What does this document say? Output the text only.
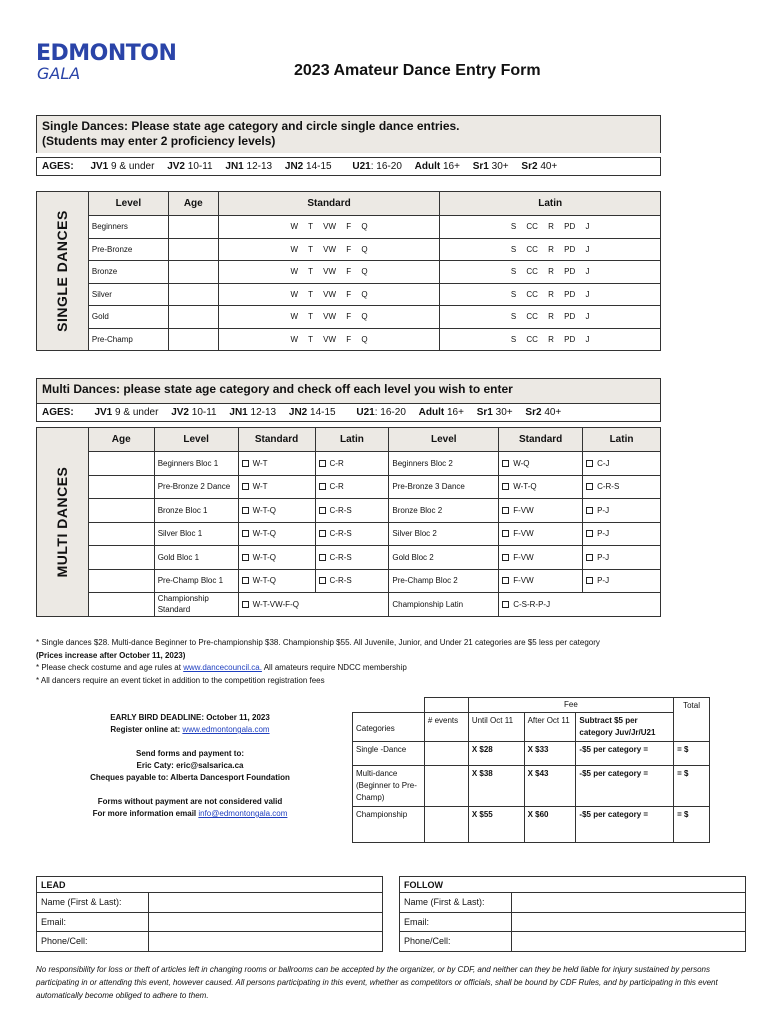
EDMONTON
GALA	2023 Amateur Dance Entry Form
Single Dances: Please state age category and circle single dance entries.
(Students may enter 2 proficiency levels)
AGES: JV1 9 & under JV2 10-11 JN1 12-13 JN2 14-15 U21: 16-20 Adult 16+ Sr1 30+ Sr2 40+
SINGLE DANCES	Level	Age	Standard	Latin
	Beginners		W T VW F Q	S CC R PD J
	Pre-Bronze		W T VW F Q	S CC R PD J
	Bronze		W T VW F Q	S CC R PD J
	Silver		W T VW F Q	S CC R PD J
	Gold		W T VW F Q	S CC R PD J
	Pre-Champ		W T VW F Q	S CC R PD J
Multi Dances: please state age category and check off each level you wish to enter
AGES: JV1 9 & under JV2 10-11 JN1 12-13 JN2 14-15 U21: 16-20 Adult 16+ Sr1 30+ Sr2 40+
MULTI DANCES	Age	Level	Standard	Latin	Level	Standard	Latin
		Beginners Bloc 1	W-T	C-R	Beginners Bloc 2	W-Q	C-J
		Pre-Bronze 2 Dance	W-T	C-R	Pre-Bronze 3 Dance	W-T-Q	C-R-S
		Bronze Bloc 1	W-T-Q	C-R-S	Bronze Bloc 2	F-VW	P-J
		Silver Bloc 1	W-T-Q	C-R-S	Silver Bloc 2	F-VW	P-J
		Gold Bloc 1	W-T-Q	C-R-S	Gold Bloc 2	F-VW	P-J
		Pre-Champ Bloc 1	W-T-Q	C-R-S	Pre-Champ Bloc 2	F-VW	P-J
		Championship Standard	W-T-VW-F-Q		Championship Latin	C-S-R-P-J	
* Single dances $28. Multi-dance Beginner to Pre-championship $38. Championship $55. All Juvenile, Junior, and Under 21 categories are $5 less per category
(Prices increase after October 11, 2023)
* Please check costume and age rules at www.dancecouncil.ca. All amateurs require NDCC membership
* All dancers require an event ticket in addition to the competition registration fees
EARLY BIRD DEADLINE: October 11, 2023
Register online at: www.edmontongala.com
Send forms and payment to:
Eric Caty: eric@salsarica.ca
Cheques payable to: Alberta Dancesport Foundation
Forms without payment are not considered valid
For more information email info@edmontongala.com
		Fee			Total
Categories	# events	Until Oct 11	After Oct 11	Subtract $5 per category Juv/Jr/U21	
Single -Dance		X $28	X $33	-$5 per category =	= $
Multi-dance (Beginner to Pre-Champ)		X $38	X $43	-$5 per category =	= $
Championship		X $55	X $60	-$5 per category =	= $
LEAD	
Name (First & Last):	
Email:	
Phone/Cell:	
FOLLOW	
Name (First & Last):	
Email:	
Phone/Cell:	
No responsibility for loss or theft of articles left in changing rooms or ballrooms can be accepted by the organizer, or by CDF, and neither can they be held liable for injury sustained by persons participating in or attending this event, however caused. All persons participating in this event, whether as competitors or officials, shall be bound by CDF Rules, and by participating in this event automatically become obliged to adhere to them.
